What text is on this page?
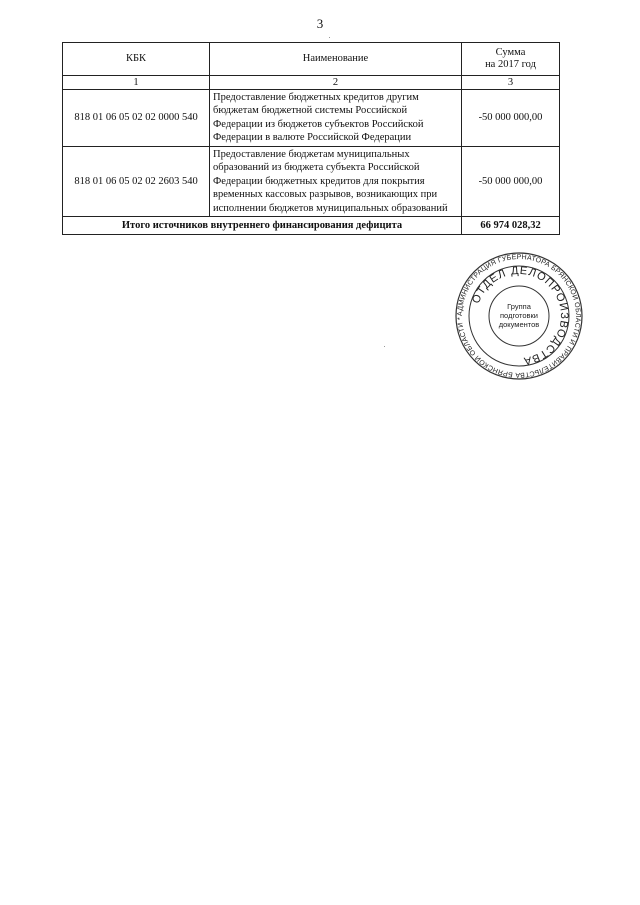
3
КБК	Наименование	Сумма
на 2017 год
1	2	3
818 01 06 05 02 02 0000 540	Предоставление бюджетных кредитов другим бюджетам бюджетной системы Российской Федерации из бюджетов субъектов Российской Федерации в валюте Российской Федерации	-50 000 000,00
818 01 06 05 02 02 2603 540	Предоставление бюджетам муниципальных образований из бюджета субъекта Российской Федерации бюджетных кредитов для покрытия временных кассовых разрывов, возникающих при исполнении бюджетов муниципальных образований	-50 000 000,00
Итого источников внутреннего финансирования дефицита		66 974 028,32
АДМИНИСТРАЦИЯ ГУБЕРНАТОРА БРЯНСКОЙ ОБЛАСТИ И ПРАВИТЕЛЬСТВА БРЯНСКОЙ ОБЛАСТИ *
ОТДЕЛ ДЕЛОПРОИЗВОДСТВА
Группа
подготовки
документов
